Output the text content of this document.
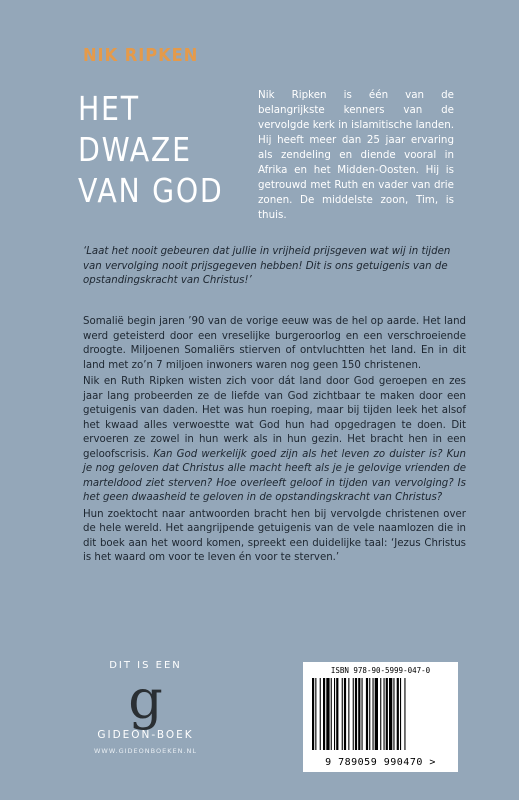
NIK RIPKEN
HET
DWAZE
VAN GOD
Nik Ripken is één van de belangrijkste kenners van de vervolgde kerk in islamitische landen. Hij heeft meer dan 25 jaar ervaring als zendeling en diende vooral in Afrika en het Midden-Oosten. Hij is getrouwd met Ruth en vader van drie zonen. De middelste zoon, Tim, is thuis.
‘Laat het nooit gebeuren dat jullie in vrijheid prijsgeven wat wij in tijden van vervolging nooit prijsgegeven hebben! Dit is ons getuigenis van de opstandingskracht van Christus!’

Somalië begin jaren ’90 van de vorige eeuw was de hel op aarde. Het land werd geteisterd door een vreselijke burgeroorlog en een verschroeiende droogte. Miljoenen Somaliërs stierven of ontvluchtten het land. En in dit land met zo’n 7 miljoen inwoners waren nog geen 150 christenen.

Nik en Ruth Ripken wisten zich voor dát land door God geroepen en zes jaar lang probeerden ze de liefde van God zichtbaar te maken door een getuigenis van daden. Het was hun roeping, maar bij tijden leek het alsof het kwaad alles verwoestte wat God hun had opgedragen te doen. Dit ervoeren ze zowel in hun werk als in hun gezin. Het bracht hen in een geloofscrisis. Kan God werkelijk goed zijn als het leven zo duister is? Kun je nog geloven dat Christus alle macht heeft als je je gelovige vrienden de marteldood ziet sterven? Hoe overleeft geloof in tijden van vervolging? Is het geen dwaasheid te geloven in de opstandingskracht van Christus?

Hun zoektocht naar antwoorden bracht hen bij vervolgde christenen over de hele wereld. Het aangrijpende getuigenis van de vele naamlozen die in dit boek aan het woord komen, spreekt een duidelijke taal: ‘Jezus Christus is het waard om voor te leven én voor te sterven.’

DIT IS EEN
g
GIDEON-BOEK
WWW.GIDEONBOEKEN.NL
ISBN 978-90-5999-047-0
9 789059 990470 >
